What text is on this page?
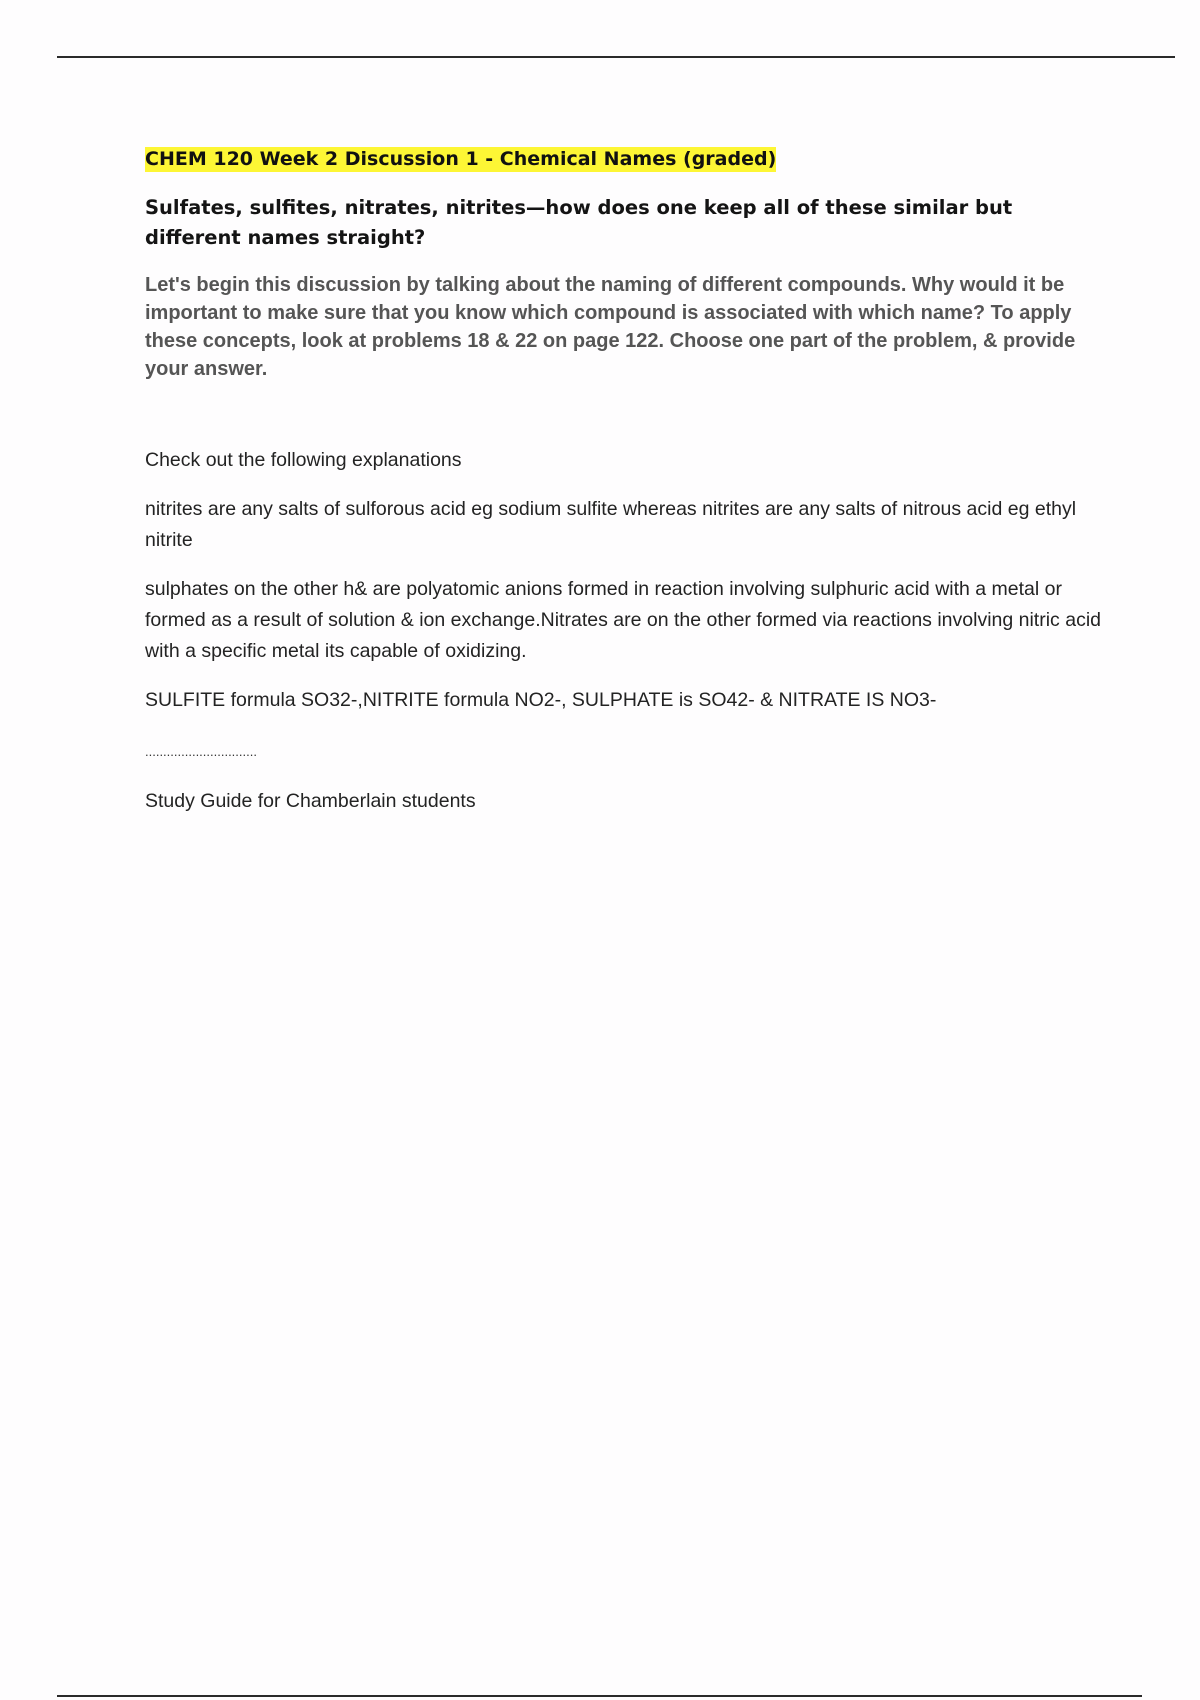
CHEM 120 Week 2 Discussion 1 - Chemical Names (graded)
Sulfates, sulfites, nitrates, nitrites—how does one keep all of these similar but different names straight?
Let's begin this discussion by talking about the naming of different compounds. Why would it be important to make sure that you know which compound is associated with which name? To apply these concepts, look at problems 18 & 22 on page 122. Choose one part of the problem, & provide your answer.
Check out the following explanations
nitrites are any salts of sulforous acid eg sodium sulfite whereas nitrites are any salts of nitrous acid eg ethyl nitrite
sulphates on the other h& are polyatomic anions formed in reaction involving sulphuric acid with a metal or formed as a result of solution & ion exchange.Nitrates are on the other formed via reactions involving nitric acid with a specific metal its capable of oxidizing.
SULFITE formula SO32-,NITRITE formula NO2-, SULPHATE is SO42- & NITRATE IS NO3-
...............................
Study Guide for Chamberlain students
